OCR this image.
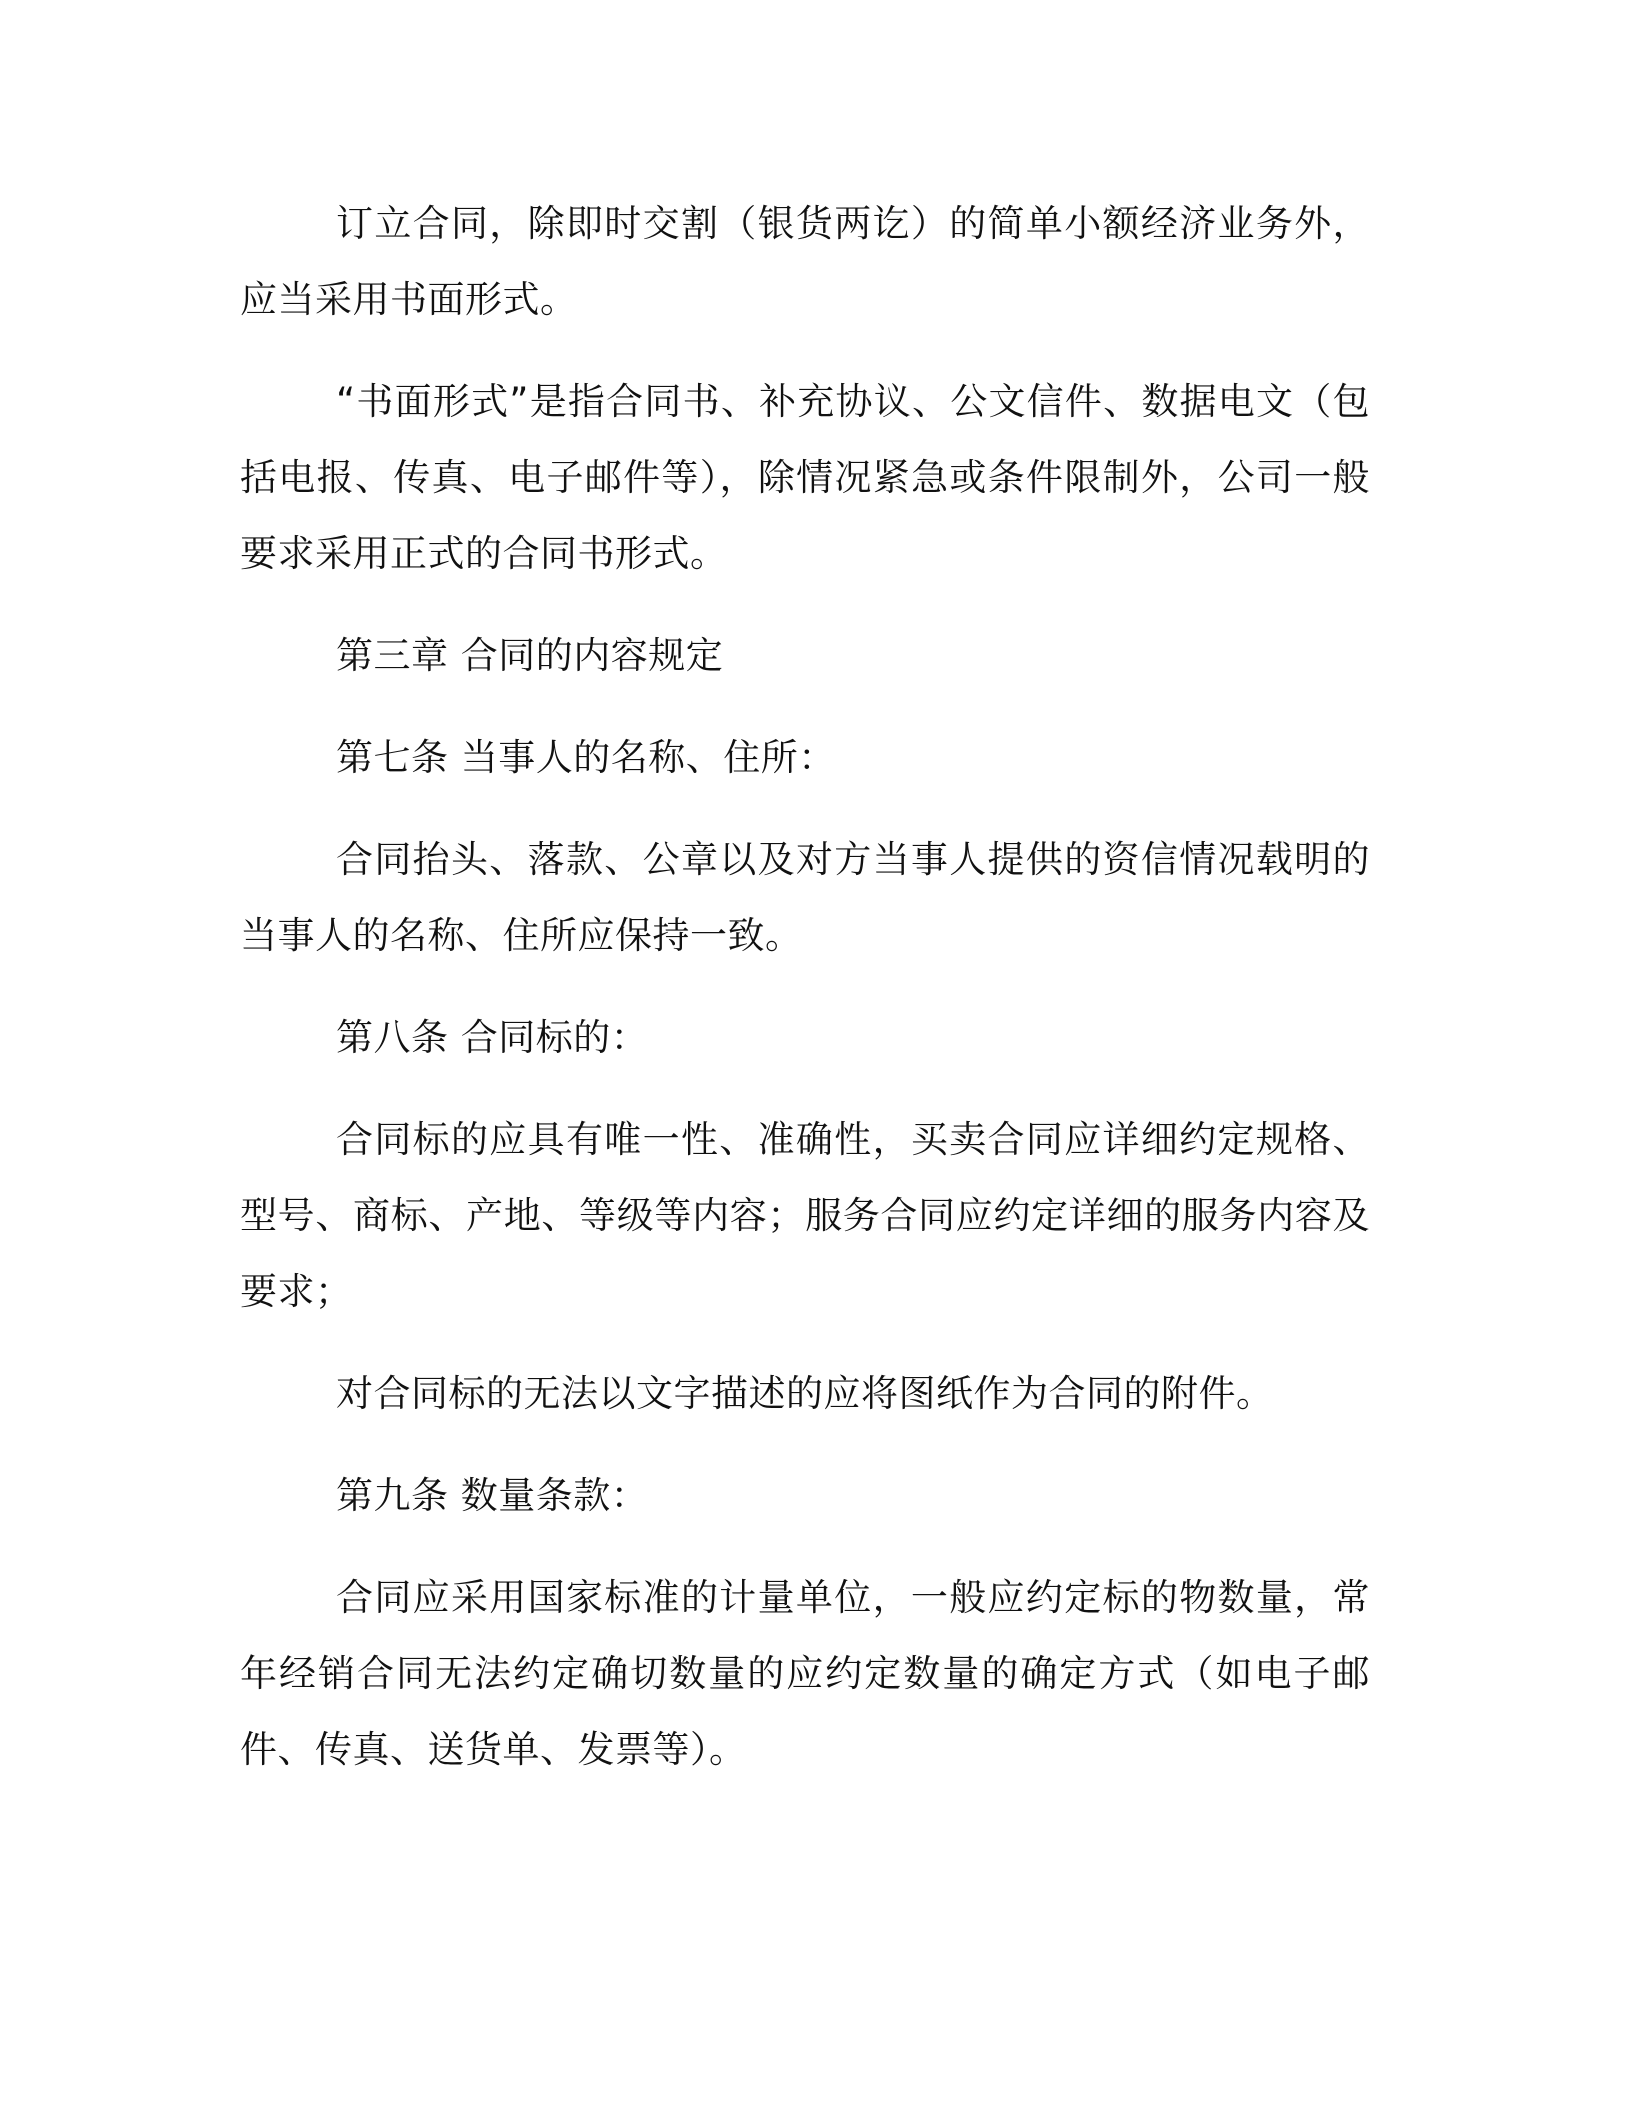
订立合同，除即时交割（银货两讫）的简单小额经济业务外，应当采用书面形式。

“书面形式”是指合同书、补充协议、公文信件、数据电文（包括电报、传真、电子邮件等），除情况紧急或条件限制外，公司一般要求采用正式的合同书形式。

第三章 合同的内容规定

第七条 当事人的名称、住所：

合同抬头、落款、公章以及对方当事人提供的资信情况载明的当事人的名称、住所应保持一致。

第八条 合同标的：

合同标的应具有唯一性、准确性，买卖合同应详细约定规格、型号、商标、产地、等级等内容；服务合同应约定详细的服务内容及要求；

对合同标的无法以文字描述的应将图纸作为合同的附件。

第九条 数量条款：

合同应采用国家标准的计量单位，一般应约定标的物数量，常年经销合同无法约定确切数量的应约定数量的确定方式（如电子邮件、传真、送货单、发票等）。
